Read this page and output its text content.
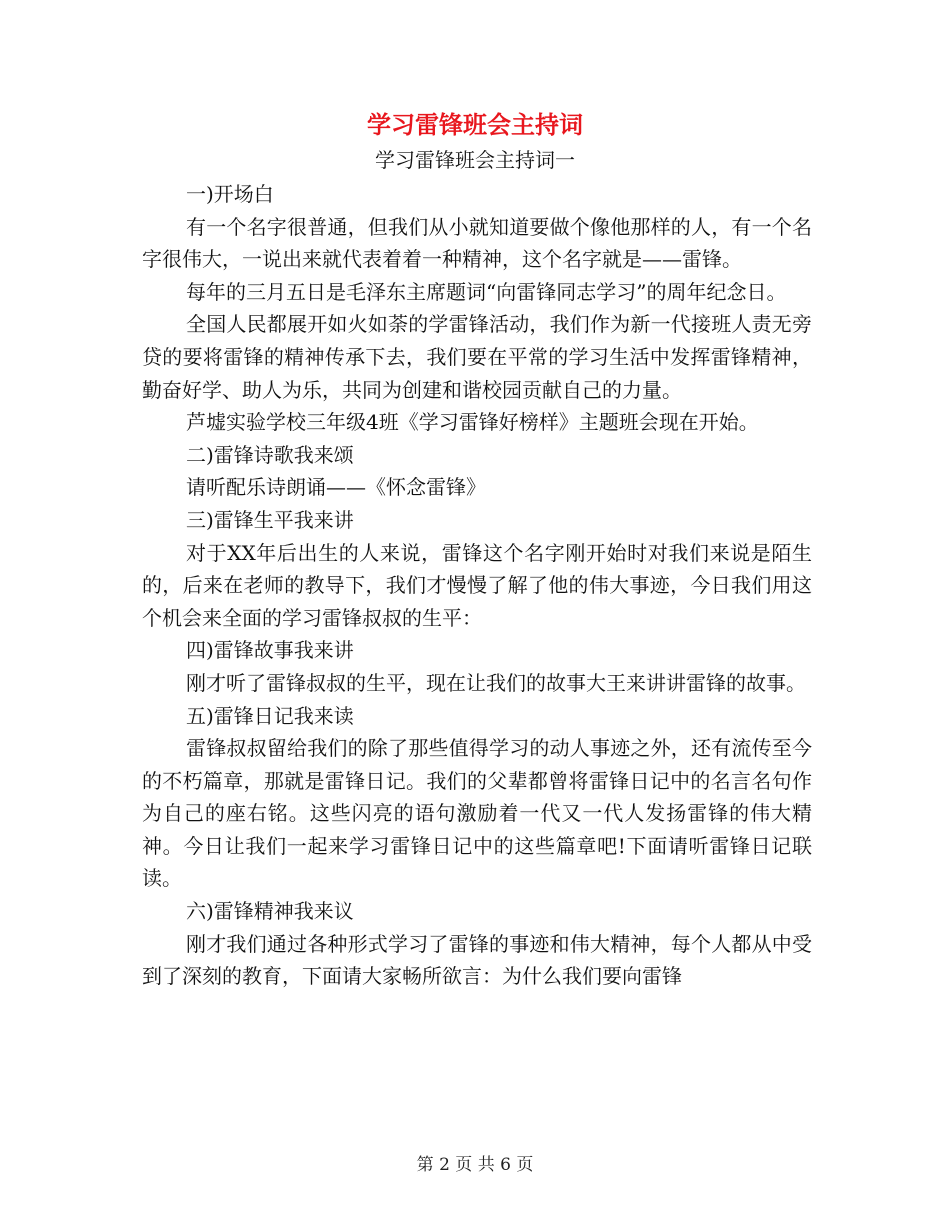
学习雷锋班会主持词
学习雷锋班会主持词一

一)开场白

有一个名字很普通，但我们从小就知道要做个像他那样的人，有一个名字很伟大，一说出来就代表着着一种精神，这个名字就是——雷锋。

每年的三月五日是毛泽东主席题词“向雷锋同志学习”的周年纪念日。

全国人民都展开如火如荼的学雷锋活动，我们作为新一代接班人责无旁贷的要将雷锋的精神传承下去，我们要在平常的学习生活中发挥雷锋精神，勤奋好学、助人为乐，共同为创建和谐校园贡献自己的力量。

芦墟实验学校三年级4班《学习雷锋好榜样》主题班会现在开始。

二)雷锋诗歌我来颂

请听配乐诗朗诵——《怀念雷锋》

三)雷锋生平我来讲

对于XX年后出生的人来说，雷锋这个名字刚开始时对我们来说是陌生的，后来在老师的教导下，我们才慢慢了解了他的伟大事迹，今日我们用这个机会来全面的学习雷锋叔叔的生平：

四)雷锋故事我来讲

刚才听了雷锋叔叔的生平，现在让我们的故事大王来讲讲雷锋的故事。

五)雷锋日记我来读

雷锋叔叔留给我们的除了那些值得学习的动人事迹之外，还有流传至今的不朽篇章，那就是雷锋日记。我们的父辈都曾将雷锋日记中的名言名句作为自己的座右铭。这些闪亮的语句激励着一代又一代人发扬雷锋的伟大精神。今日让我们一起来学习雷锋日记中的这些篇章吧!下面请听雷锋日记联读。

六)雷锋精神我来议

刚才我们通过各种形式学习了雷锋的事迹和伟大精神，每个人都从中受到了深刻的教育，下面请大家畅所欲言：为什么我们要向雷锋

第 2 页 共 6 页
